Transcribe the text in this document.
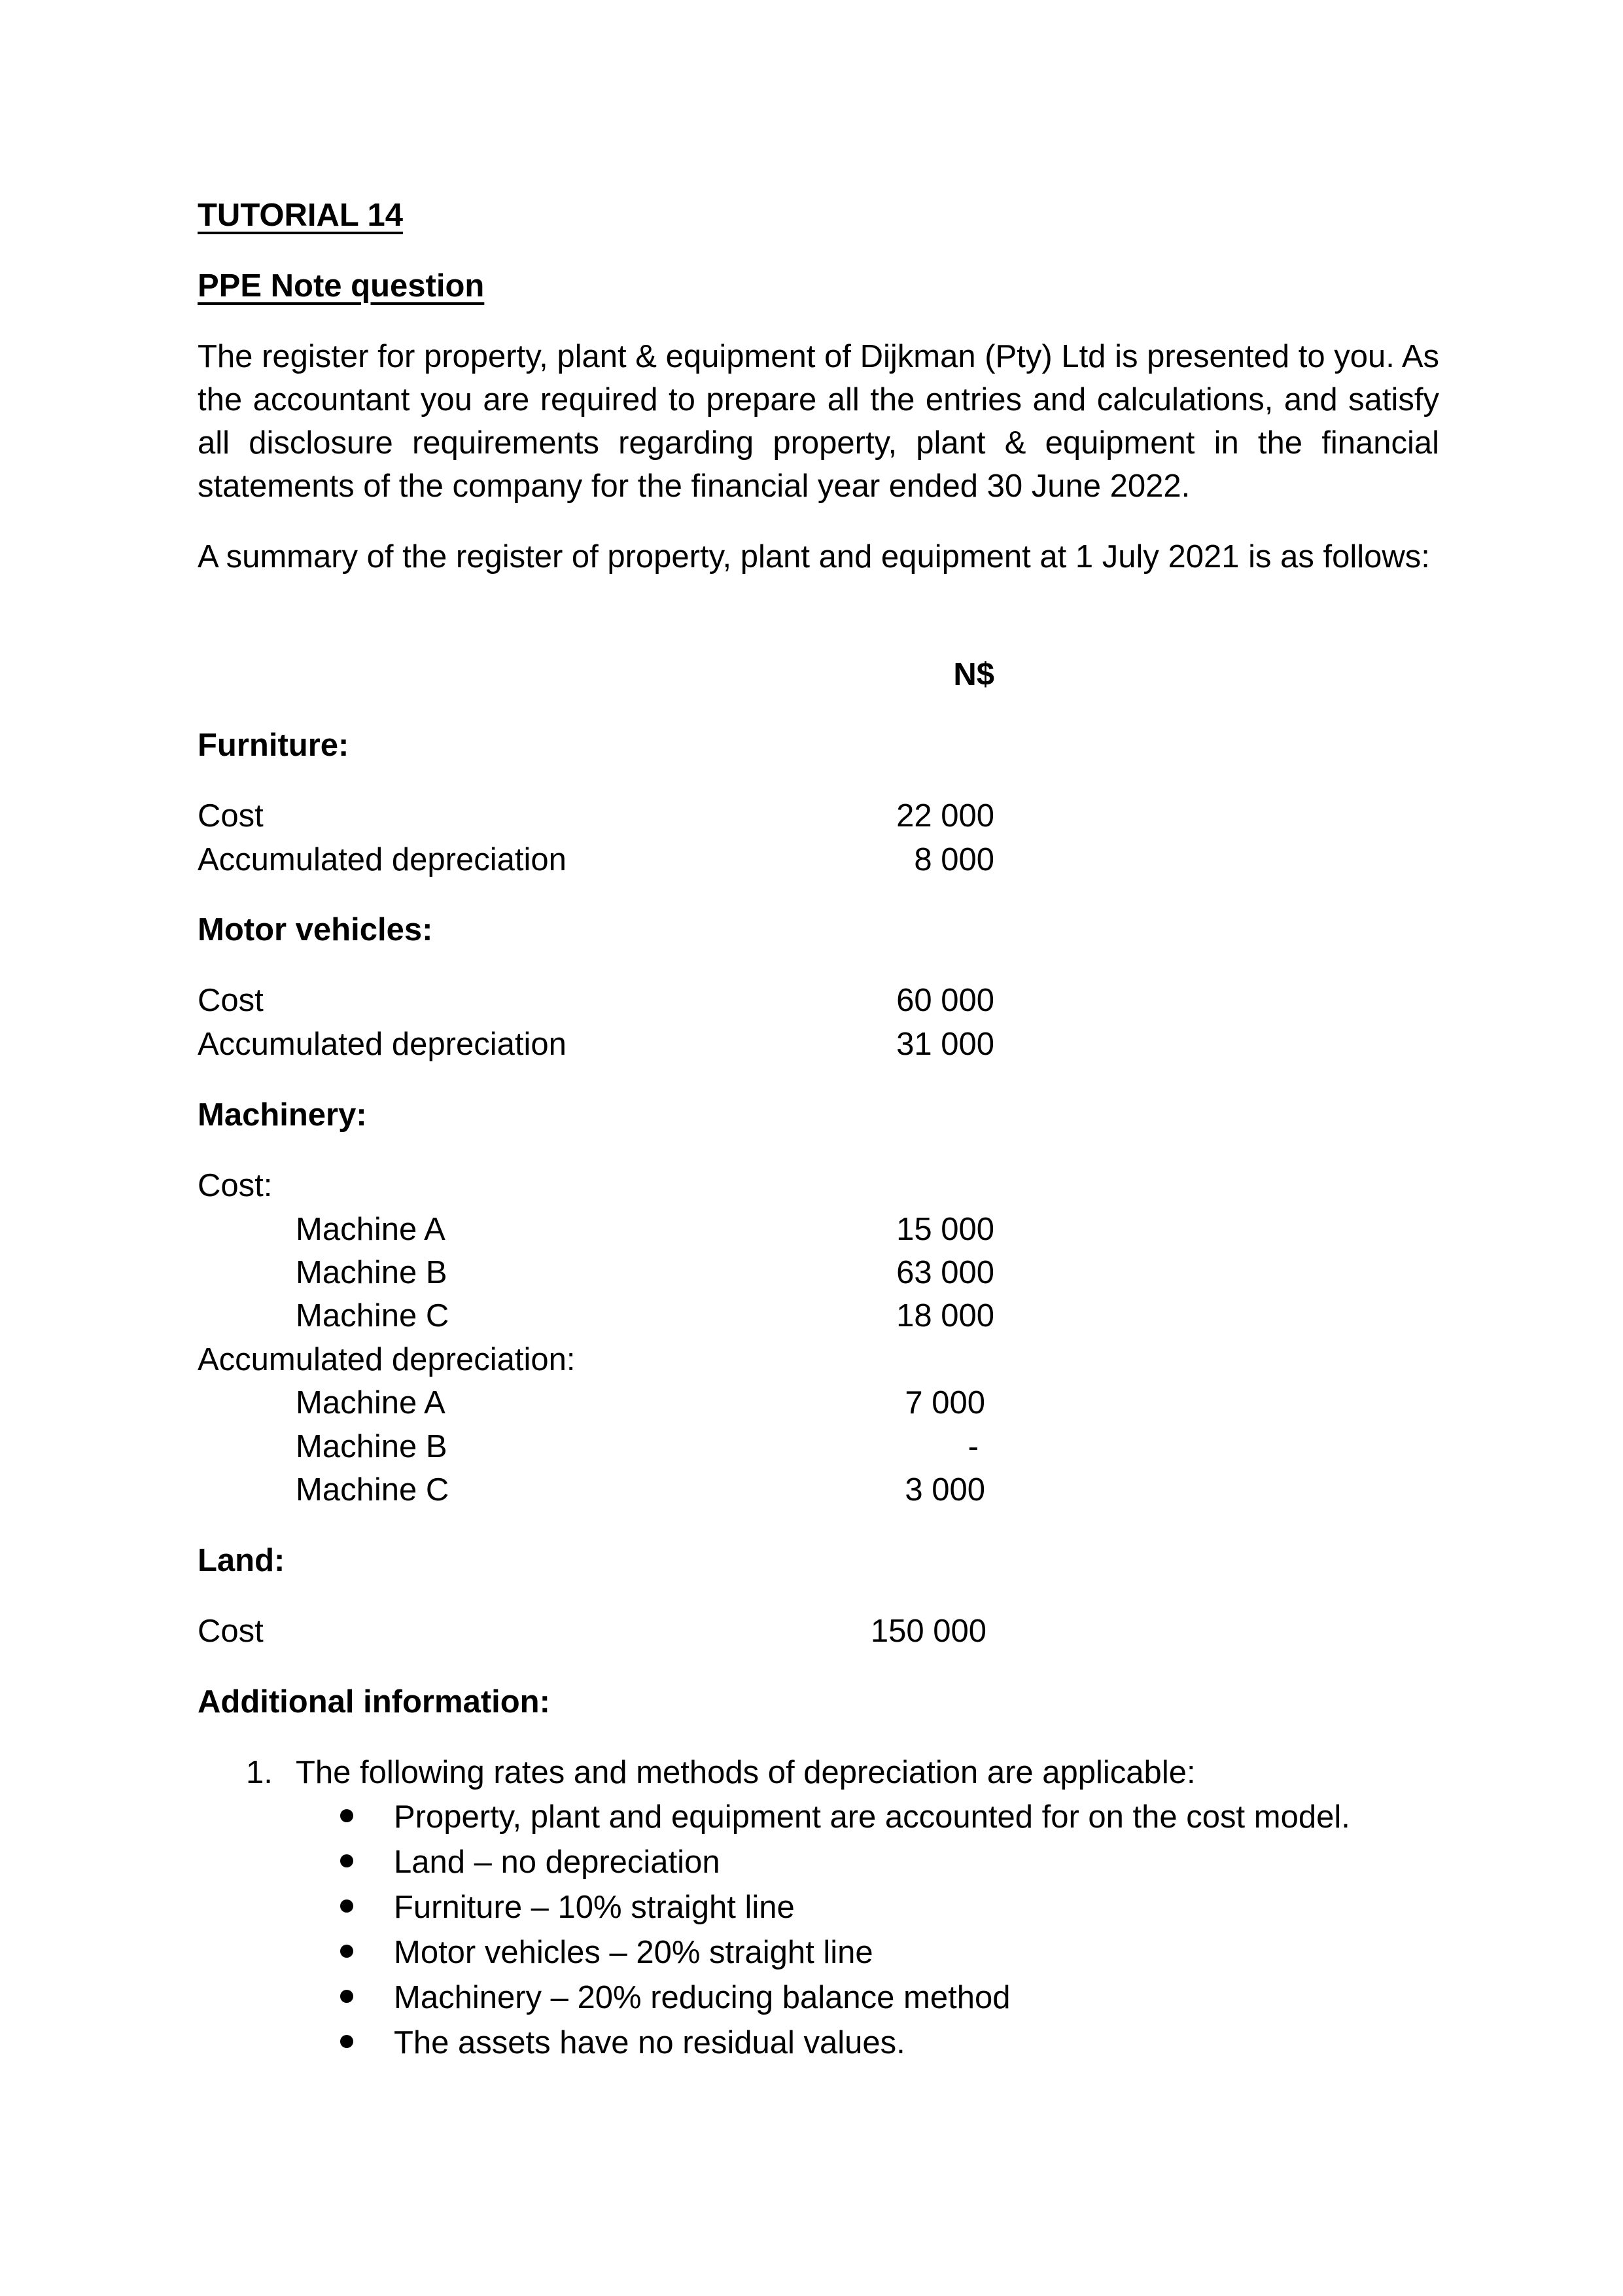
TUTORIAL 14
PPE Note question
The register for property, plant & equipment of Dijkman (Pty) Ltd is presented to you. As the accountant you are required to prepare all the entries and calculations, and satisfy all disclosure requirements regarding property, plant & equipment in the financial statements of the company for the financial year ended 30 June 2022.
A summary of the register of property, plant and equipment at 1 July 2021 is as follows:
N$
Furniture:
Cost	22 000
Accumulated depreciation	8 000
Motor vehicles:
Cost	60 000
Accumulated depreciation	31 000
Machinery:
Cost:
Machine A	15 000
Machine B	63 000
Machine C	18 000
Accumulated depreciation:
Machine A	7 000
Machine B	-
Machine C	3 000
Land:
Cost	150 000
Additional information:
1. The following rates and methods of depreciation are applicable:
Property, plant and equipment are accounted for on the cost model.
Land – no depreciation
Furniture – 10% straight line
Motor vehicles – 20% straight line
Machinery – 20% reducing balance method
The assets have no residual values.
